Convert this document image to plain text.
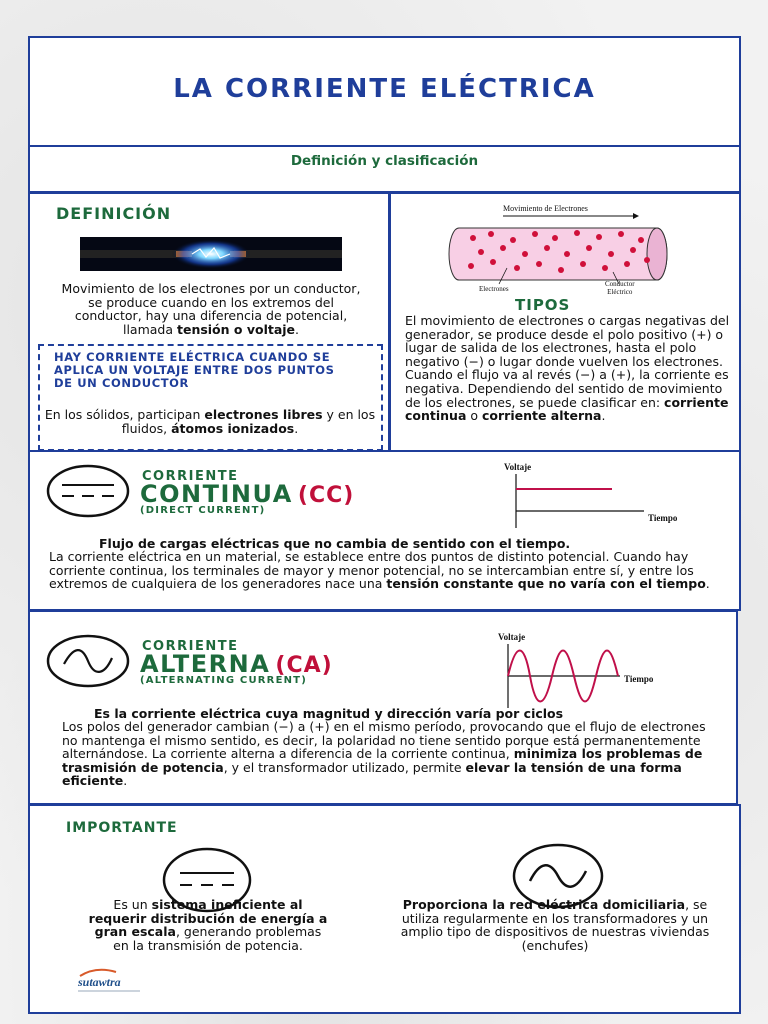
LA CORRIENTE ELÉCTRICA
Definición y clasificación
DEFINICIÓN
Movimiento de los electrones por un conductor, se produce cuando en los extremos del conductor, hay una diferencia de potencial, llamada tensión o voltaje.
HAY CORRIENTE ELÉCTRICA CUANDO SE APLICA UN VOLTAJE ENTRE DOS PUNTOS DE UN CONDUCTOR
En los sólidos, participan electrones libres y en los fluidos, átomos ionizados.
Movimiento de Electrones
Electrones
Conductor
Eléctrico
TIPOS
El movimiento de electrones o cargas negativas del generador, se produce desde el polo positivo (+) o lugar de salida de los electrones, hasta el polo negativo (−) o lugar donde vuelven los electrones. Cuando el flujo va al revés (−) a (+), la corriente es negativa. Dependiendo del sentido de movimiento de los electrones, se puede clasificar en: corriente continua o corriente alterna.
CORRIENTE
CONTINUA (CC)
(DIRECT CURRENT)
Voltaje
Tiempo
Flujo de cargas eléctricas que no cambia de sentido con el tiempo.
La corriente eléctrica en un material, se establece entre dos puntos de distinto potencial. Cuando hay corriente continua, los terminales de mayor y menor potencial, no se intercambian entre sí, y entre los extremos de cualquiera de los generadores nace una tensión constante que no varía con el tiempo.
CORRIENTE
ALTERNA (CA)
(ALTERNATING CURRENT)
Voltaje
Tiempo
Es la corriente eléctrica cuya magnitud y dirección varía por ciclos
Los polos del generador cambian (−) a (+) en el mismo período, provocando que el flujo de electrones no mantenga el mismo sentido, es decir, la polaridad no tiene sentido porque está permanentemente alternándose. La corriente alterna a diferencia de la corriente continua, minimiza los problemas de trasmisión de potencia, y el transformador utilizado, permite elevar la tensión de una forma eficiente.
IMPORTANTE
Es un sistema ineficiente al requerir distribución de energía a gran escala, generando problemas en la transmisión de potencia.
Proporciona la red eléctrica domiciliaria, se utiliza regularmente en los transformadores y un amplio tipo de dispositivos de nuestras viviendas (enchufes)
sutawtra
